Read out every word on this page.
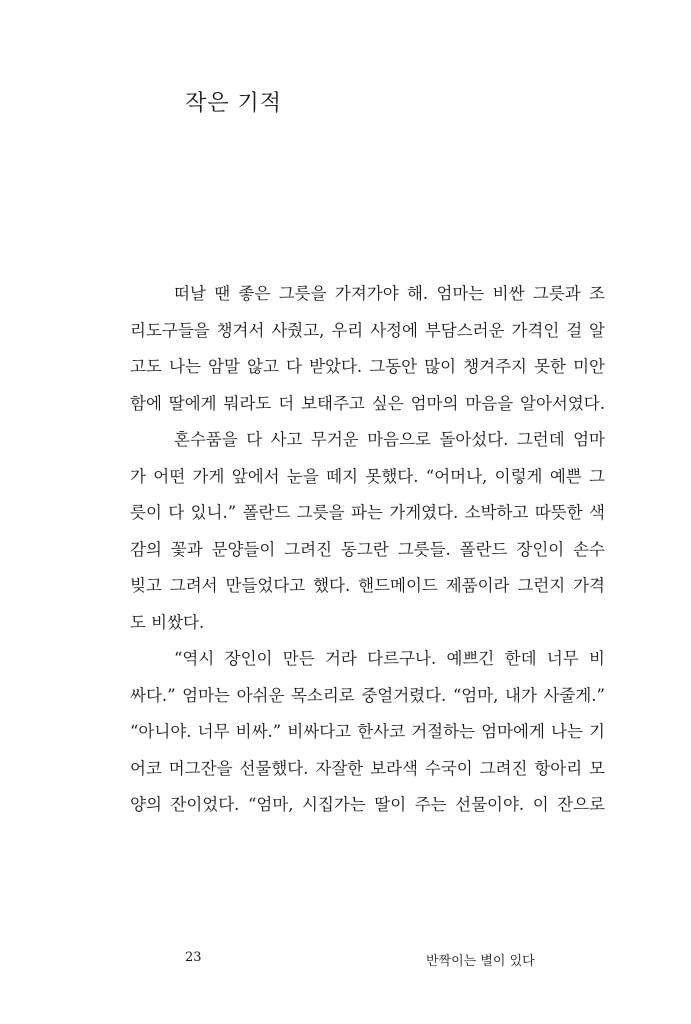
작은 기적
떠날 땐 좋은 그릇을 가져가야 해. 엄마는 비싼 그릇과 조
리도구들을 챙겨서 사줬고, 우리 사정에 부담스러운 가격인 걸 알
고도 나는 암말 않고 다 받았다. 그동안 많이 챙겨주지 못한 미안
함에 딸에게 뭐라도 더 보태주고 싶은 엄마의 마음을 알아서였다.
혼수품을 다 사고 무거운 마음으로 돌아섰다. 그런데 엄마
가 어떤 가게 앞에서 눈을 떼지 못했다. “어머나, 이렇게 예쁜 그
릇이 다 있니.” 폴란드 그릇을 파는 가게였다. 소박하고 따뜻한 색
감의 꽃과 문양들이 그려진 동그란 그릇들. 폴란드 장인이 손수
빚고 그려서 만들었다고 했다. 핸드메이드 제품이라 그런지 가격
도 비쌌다.
“역시 장인이 만든 거라 다르구나. 예쁘긴 한데 너무 비
싸다.” 엄마는 아쉬운 목소리로 중얼거렸다. “엄마, 내가 사줄게.”
“아니야. 너무 비싸.” 비싸다고 한사코 거절하는 엄마에게 나는 기
어코 머그잔을 선물했다. 자잘한 보라색 수국이 그려진 항아리 모
양의 잔이었다. “엄마, 시집가는 딸이 주는 선물이야. 이 잔으로
23	반짝이는 별이 있다
